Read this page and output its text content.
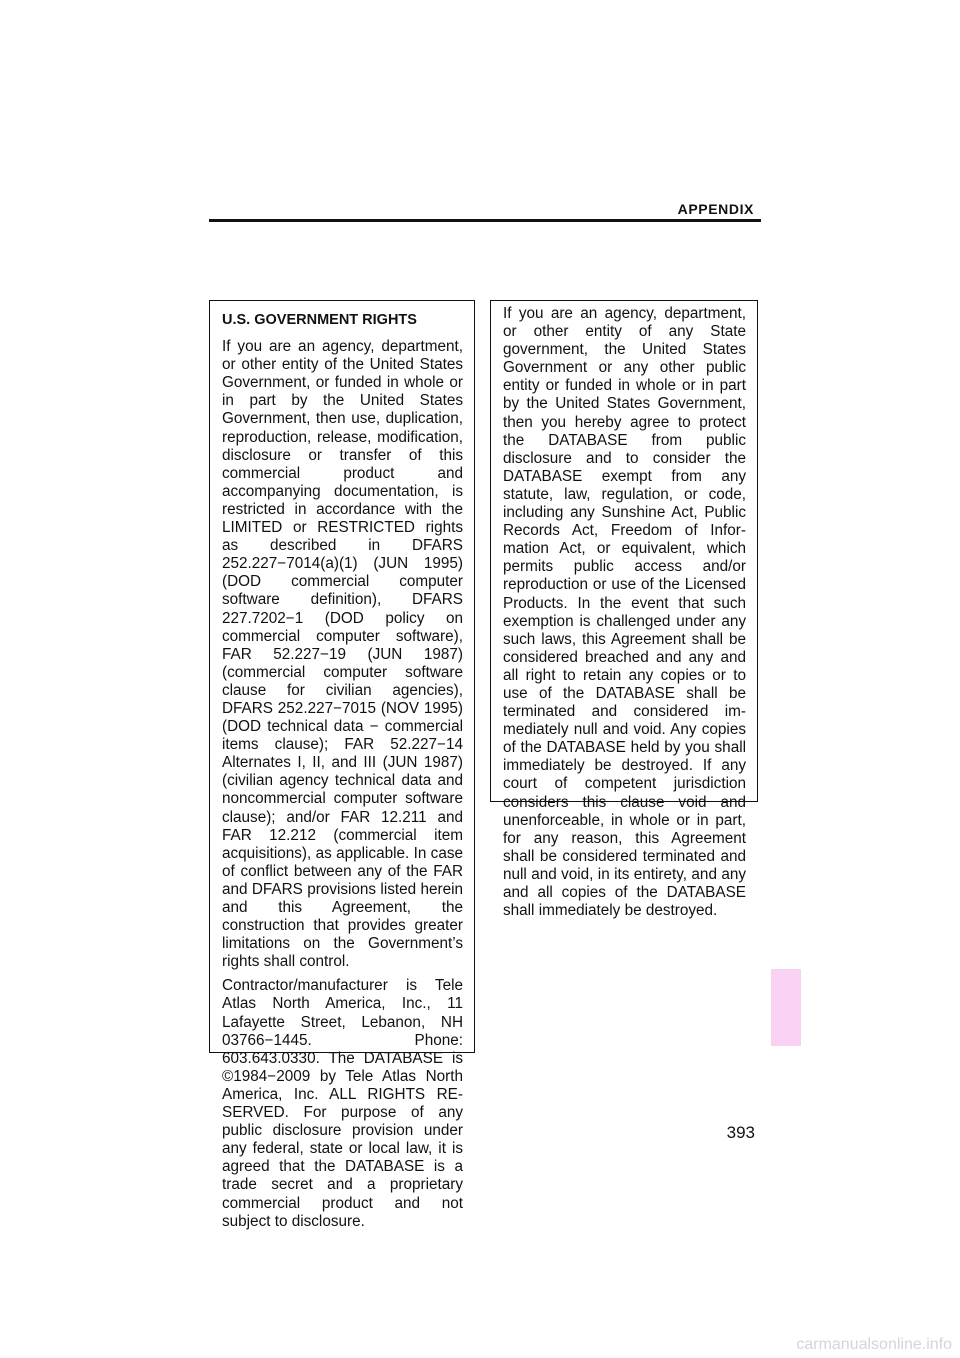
APPENDIX

U.S. GOVERNMENT RIGHTS

If you are an agency, department, or other entity of the United States Government, or funded in whole or in part by the United States Government, then use, duplication, reproduction, release, modification, disclosure or transfer of this commercial product and accompanying documentation, is restricted in accordance with the LIMITED or RESTRICTED rights as described in DFARS 252.227−7014(a)(1) (JUN 1995) (DOD commercial computer software definition), DFARS 227.7202−1 (DOD policy on commercial computer software), FAR 52.227−19 (JUN 1987) (commercial computer software clause for civilian agencies), DFARS 252.227−7015 (NOV 1995) (DOD technical data − commercial items clause); FAR 52.227−14 Alternates I, II, and III (JUN 1987) (civilian agency technical data and noncommercial computer software clause); and/or FAR 12.211 and FAR 12.212 (commercial item acquisitions), as applicable. In case of conflict between any of the FAR and DFARS provisions listed herein and this Agreement, the construction that provides greater limitations on the Government’s rights shall control.

Contractor/manufacturer is Tele Atlas North America, Inc., 11 Lafayette Street, Lebanon, NH 03766−1445. Phone: 603.643.0330. The DATABASE is ©1984−2009 by Tele Atlas North America, Inc. ALL RIGHTS RESERVED. For purpose of any public disclosure provision under any federal, state or local law, it is agreed that the DATABASE is a trade secret and a proprietary commercial product and not subject to disclosure.

If you are an agency, department, or other entity of any State government, the United States Government or any other public entity or funded in whole or in part by the United States Government, then you hereby agree to protect the DATABASE from public disclosure and to consider the DATABASE exempt from any statute, law, regulation, or code, including any Sunshine Act, Public Records Act, Freedom of Information Act, or equivalent, which permits public access and/or reproduction or use of the Licensed Products. In the event that such exemption is challenged under any such laws, this Agreement shall be considered breached and any and all right to retain any copies or to use of the DATABASE shall be terminated and considered immediately null and void. Any copies of the DATABASE held by you shall immediately be destroyed. If any court of competent jurisdiction considers this clause void and unenforceable, in whole or in part, for any reason, this Agreement shall be considered terminated and null and void, in its entirety, and any and all copies of the DATABASE shall immediately be destroyed.

393
carmanualsonline.info
